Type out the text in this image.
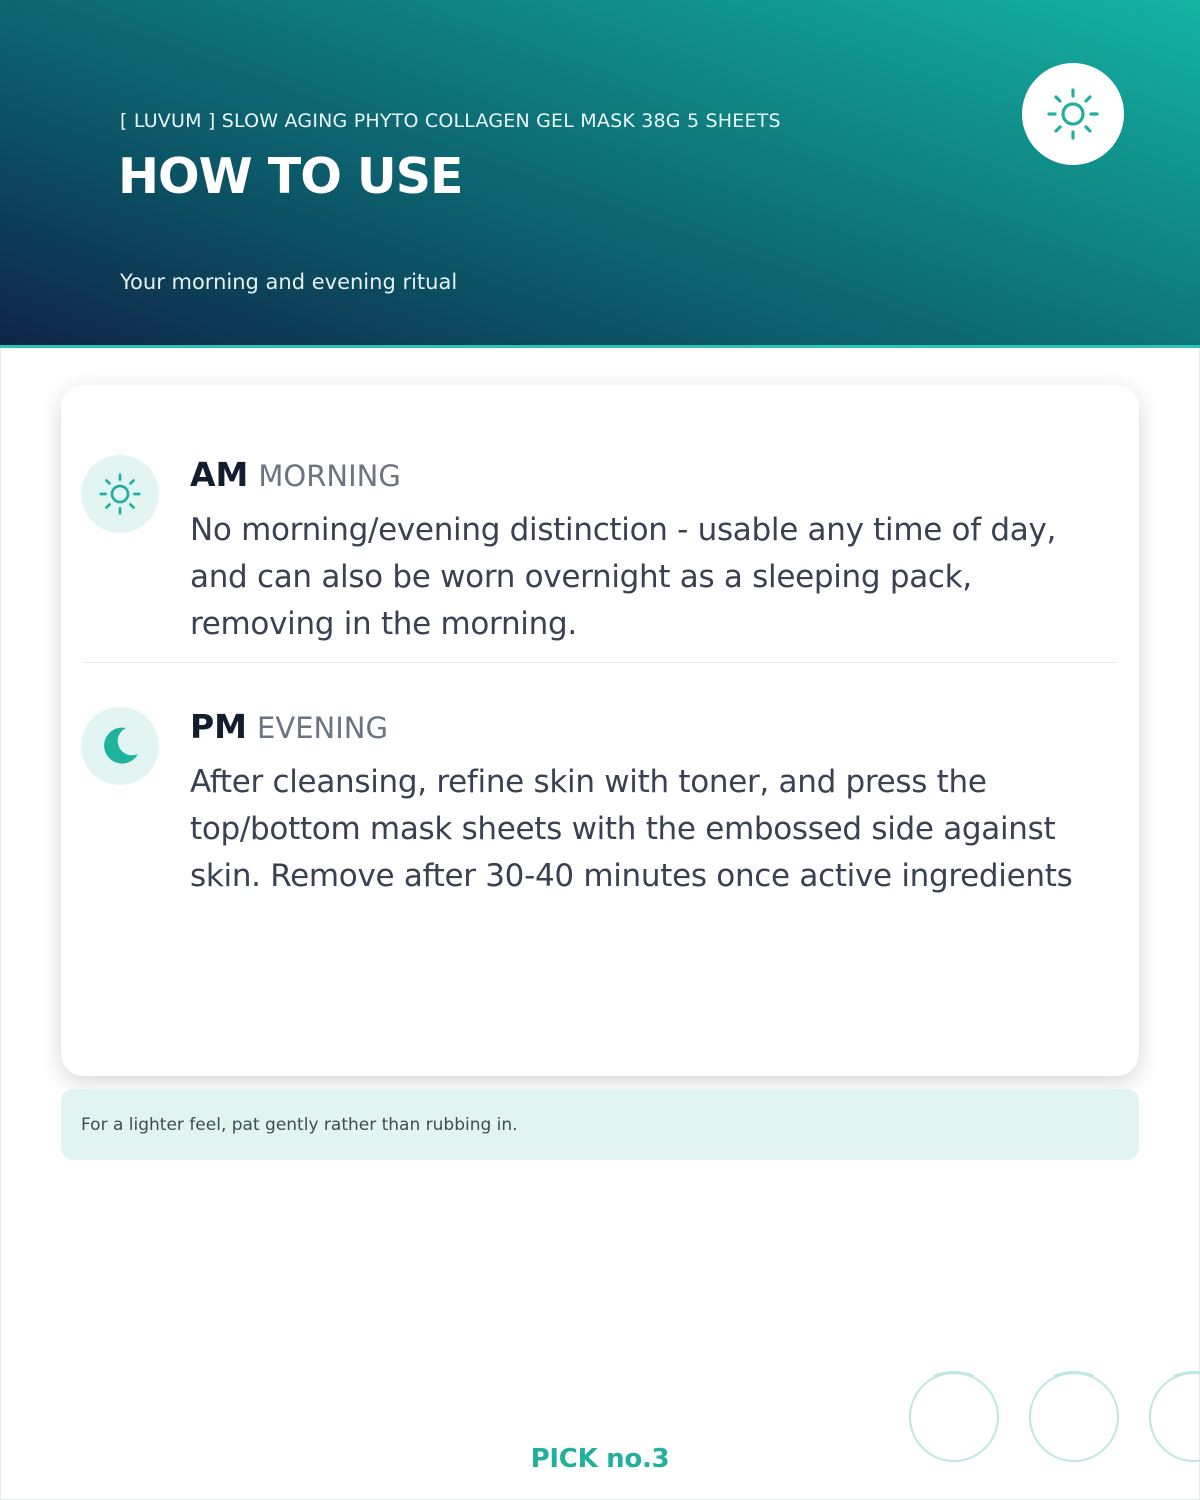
[ LUVUM ] SLOW AGING PHYTO COLLAGEN GEL MASK 38G 5 SHEETS
HOW TO USE
Your morning and evening ritual
AM MORNING
No morning/evening distinction - usable any time of day, and can also be worn overnight as a sleeping pack, removing in the morning.
PM EVENING
After cleansing, refine skin with toner, and press the top/bottom mask sheets with the embossed side against skin. Remove after 30-40 minutes once active ingredients
For a lighter feel, pat gently rather than rubbing in.
PICK no.3
